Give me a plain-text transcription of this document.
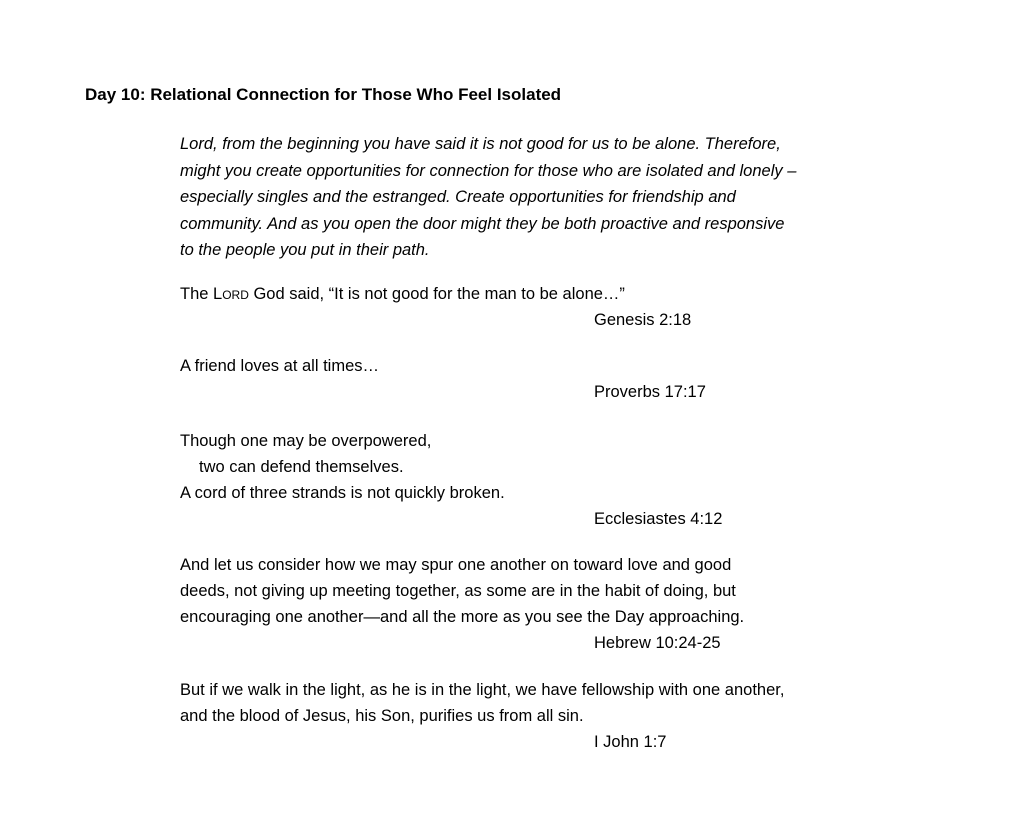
Day 10: Relational Connection for Those Who Feel Isolated
Lord, from the beginning you have said it is not good for us to be alone. Therefore,
might you create opportunities for connection for those who are isolated and lonely –
especially singles and the estranged. Create opportunities for friendship and
community. And as you open the door might they be both proactive and responsive
to the people you put in their path.
The Lord God said, “It is not good for the man to be alone…”
Genesis 2:18
A friend loves at all times…
Proverbs 17:17
Though one may be overpowered,
two can defend themselves.
A cord of three strands is not quickly broken.
Ecclesiastes 4:12
And let us consider how we may spur one another on toward love and good
deeds, not giving up meeting together, as some are in the habit of doing, but
encouraging one another—and all the more as you see the Day approaching.
Hebrew 10:24-25
But if we walk in the light, as he is in the light, we have fellowship with one another,
and the blood of Jesus, his Son, purifies us from all sin.
I John 1:7
